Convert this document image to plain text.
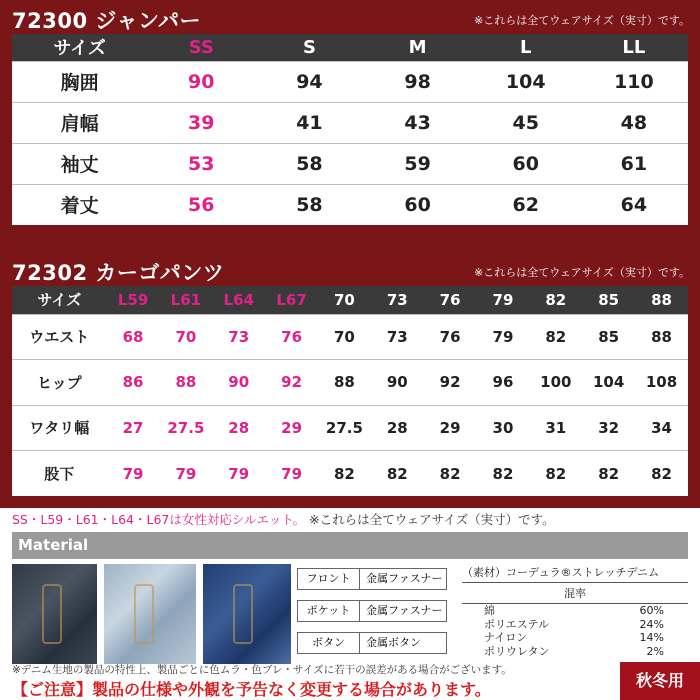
72300 ジャンパー	※これらは全てウェアサイズ（実寸）です。
サイズ	SS	S	M	L	LL
胸囲	90	94	98	104	110
肩幅	39	41	43	45	48
袖丈	53	58	59	60	61
着丈	56	58	60	62	64
72302 カーゴパンツ	※これらは全てウェアサイズ（実寸）です。
サイズ	L59	L61	L64	L67	70	73	76	79	82	85	88
ウエスト	68	70	73	76	70	73	76	79	82	85	88
ヒップ	86	88	90	92	88	90	92	96	100	104	108
ワタリ幅	27	27.5	28	29	27.5	28	29	30	31	32	34
股下	79	79	79	79	82	82	82	82	82	82	82
SS・L59・L61・L64・L67は女性対応シルエット。 ※これらは全てウェアサイズ（実寸）です。
Material
フロント	金属ファスナー
ポケット	金属ファスナー
ボタン	金属ボタン
（素材）コーデュラ®ストレッチデニム
混率
綿	60%
ポリエステル	24%
ナイロン	14%
ポリウレタン	2%
※デニム生地の製品の特性上、製品ごとに色ムラ・色ブレ・サイズに若干の誤差がある場合がございます。
【ご注意】製品の仕様や外観を予告なく変更する場合があります。	秋冬用
